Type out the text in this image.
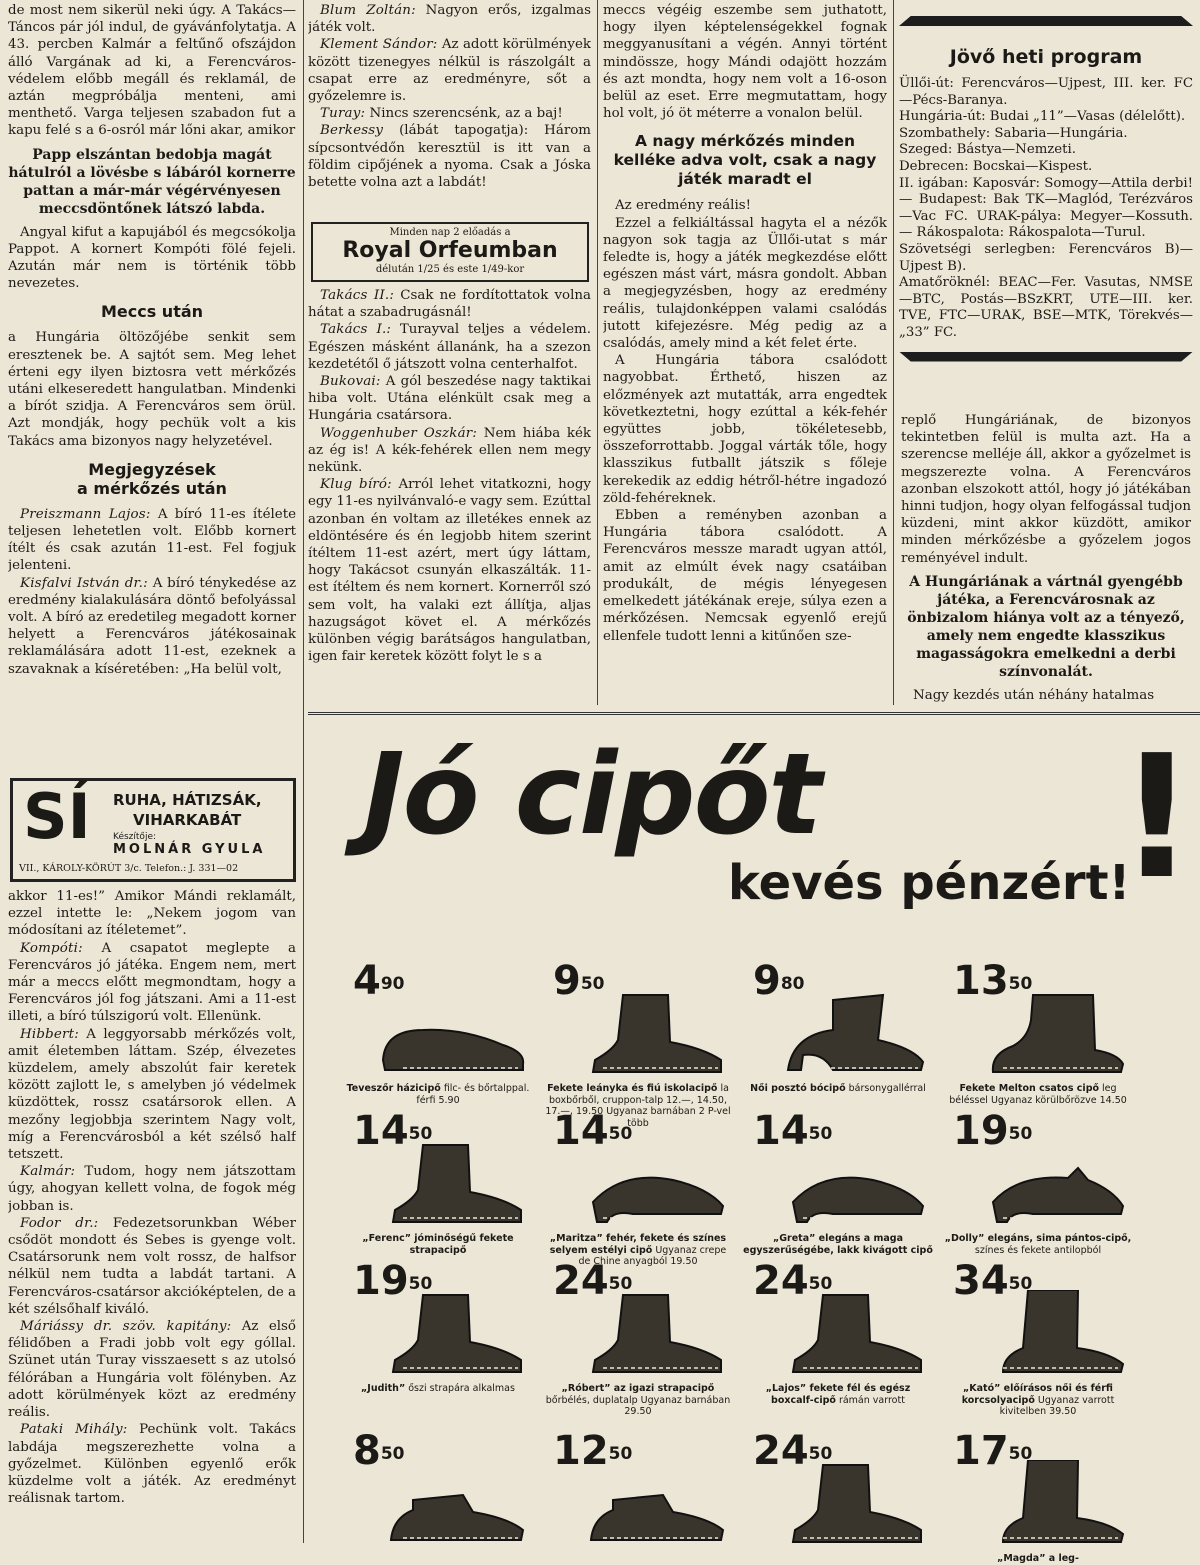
de most nem sikerül neki úgy. A Takács—Táncos pár jól indul, de gyávánfolytatja. A 43. percben Kalmár a feltűnő ofszájdon álló Vargának ad ki, a Ferencváros-védelem előbb megáll és reklamál, de aztán megpróbálja menteni, ami menthető. Varga teljesen szabadon fut a kapu felé s a 6-osról már lőni akar, amikor

Papp elszántan bedobja magát hátulról a lövésbe s lábáról kornerre pattan a már-már végérvényesen meccsdöntőnek látszó labda.

Angyal kifut a kapujából és megcsókolja Pappot. A kornert Kompóti fölé fejeli. Azután már nem is történik több nevezetes.

Meccs után

a Hungária öltözőjébe senkit sem eresztenek be. A sajtót sem. Meg lehet érteni egy ilyen biztosra vett mérkőzés utáni elkeseredett hangulatban. Mindenki a bírót szidja. A Ferencváros sem örül. Azt mondják, hogy pechük volt a kis Takács ama bizonyos nagy helyzetével.

Megjegyzések

a mérkőzés után

Preiszmann Lajos: A bíró 11-es ítélete teljesen lehetetlen volt. Előbb kornert ítélt és csak azután 11-est. Fel fogjuk jelenteni.

Kisfalvi István dr.: A bíró ténykedése az eredmény kialakulására döntő befolyással volt. A bíró az eredetileg megadott korner helyett a Ferencváros játékosainak reklamálására adott 11-est, ezeknek a szavaknak a kíséretében: „Ha belül volt,

SÍ RUHA, HÁTIZSÁK,
VIHARKABÁT
Készítője:
MOLNÁR GYULA
VII., KÁROLY-KÖRÚT 3/c. Telefon.: J. 331—02

akkor 11-es!” Amikor Mándi reklamált, ezzel intette le: „Nekem jogom van módosítani az ítéletemet”.

Kompóti: A csapatot meglepte a Ferencváros jó játéka. Engem nem, mert már a meccs előtt megmondtam, hogy a Ferencváros jól fog játszani. Ami a 11-est illeti, a bíró túlszigorú volt. Ellenünk.

Hibbert: A leggyorsabb mérkőzés volt, amit életemben láttam. Szép, élvezetes küzdelem, amely abszolút fair keretek között zajlott le, s amelyben jó védelmek küzdöttek, rossz csatársorok ellen. A mezőny legjobbja szerintem Nagy volt, míg a Ferencvárosból a két szélső half tetszett.

Kalmár: Tudom, hogy nem játszottam úgy, ahogyan kellett volna, de fogok még jobban is.

Fodor dr.: Fedezetsorunkban Wéber csődöt mondott és Sebes is gyenge volt. Csatársorunk nem volt rossz, de halfsor nélkül nem tudta a labdát tartani. A Ferencváros-csatársor akcióképtelen, de a két szélsőhalf kiváló.

Máriássy dr. szöv. kapitány: Az első félidőben a Fradi jobb volt egy góllal. Szünet után Turay visszaesett s az utolsó félórában a Hungária volt fölényben. Az adott körülmények közt az eredmény reális.

Pataki Mihály: Pechünk volt. Takács labdája megszerezhette volna a győzelmet. Különben egyenlő erők küzdelme volt a játék. Az eredményt reálisnak tartom.

Blum Zoltán: Nagyon erős, izgalmas játék volt.

Klement Sándor: Az adott körülmények között tizenegyes nélkül is rászolgált a csapat erre az eredményre, sőt a győzelemre is.

Turay: Nincs szerencsénk, az a baj!

Berkessy (lábát tapogatja): Három sípcsontvédőn keresztül is itt van a földim cipőjének a nyoma. Csak a Jóska betette volna azt a labdát!

Minden nap 2 előadás a
Royal Orfeumban
délután 1/25 és este 1/49-kor

Takács II.: Csak ne fordítottatok volna hátat a szabadrugásnál!

Takács I.: Turayval teljes a védelem. Egészen másként állanánk, ha a szezon kezdetétől ő játszott volna centerhalfot.

Bukovai: A gól beszedése nagy taktikai hiba volt. Utána elénkült csak meg a Hungária csatársora.

Woggenhuber Oszkár: Nem hiába kék az ég is! A kék-fehérek ellen nem megy nekünk.

Klug bíró: Arról lehet vitatkozni, hogy egy 11-es nyilvánvaló-e vagy sem. Ezúttal azonban én voltam az illetékes ennek az eldöntésére és én legjobb hitem szerint ítéltem 11-est azért, mert úgy láttam, hogy Takácsot csunyán elkaszálták. 11-est ítéltem és nem kornert. Kornerről szó sem volt, ha valaki ezt állítja, aljas hazugságot követ el. A mérkőzés különben végig barátságos hangulatban, igen fair keretek között folyt le s a

meccs végéig eszembe sem juthatott, hogy ilyen képtelenségekkel fognak meggyanusítani a végén. Annyi történt mindössze, hogy Mándi odajött hozzám és azt mondta, hogy nem volt a 16-oson belül az eset. Erre megmutattam, hogy hol volt, jó öt méterre a vonalon belül.

A nagy mérkőzés minden kelléke adva volt, csak a nagy játék maradt el

Az eredmény reális!

Ezzel a felkiáltással hagyta el a nézők nagyon sok tagja az Üllői-utat s már feledte is, hogy a játék megkezdése előtt egészen mást várt, másra gondolt. Abban a megjegyzésben, hogy az eredmény reális, tulajdonképpen valami csalódás jutott kifejezésre. Még pedig az a csalódás, amely mind a két felet érte.

A Hungária tábora csalódott nagyobbat. Érthető, hiszen az előzmények azt mutatták, arra engedtek következtetni, hogy ezúttal a kék-fehér együttes jobb, tökéletesebb, összeforrottabb. Joggal várták tőle, hogy klasszikus futballt játszik s főleje kerekedik az eddig hétről-hétre ingadozó zöld-fehéreknek.

Ebben a reményben azonban a Hungária tábora csalódott. A Ferencváros messze maradt ugyan attól, amit az elmúlt évek nagy csatáiban produkált, de mégis lényegesen emelkedett játékának ereje, súlya ezen a mérkőzésen. Nemcsak egyenlő erejű ellenfele tudott lenni a kitűnően sze-

Jövő heti program
Üllői-út: Ferencváros—Ujpest, III. ker. FC—Pécs-Baranya.
Hungária-út: Budai „11”—Vasas (délelőtt).
Szombathely: Sabaria—Hungária.
Szeged: Bástya—Nemzeti.
Debrecen: Bocskai—Kispest.
II. igában: Kaposvár: Somogy—Attila derbi! — Budapest: Bak TK—Maglód, Terézváros—Vac FC. URAK-pálya: Megyer—Kossuth. — Rákospalota: Rákospalota—Turul.
Szövetségi serlegben: Ferencváros B)—Ujpest B).
Amatőröknél: BEAC—Fer. Vasutas, NMSE—BTC, Postás—BSzKRT, UTE—III. ker. TVE, FTC—URAK, BSE—MTK, Törekvés—„33” FC.

replő Hungáriának, de bizonyos tekintetben felül is multa azt. Ha a szerencse melléje áll, akkor a győzelmet is megszerezte volna. A Ferencváros azonban elszokott attól, hogy jó játékában hinni tudjon, hogy olyan felfogással tudjon küzdeni, mint akkor küzdött, amikor minden mérkőzésbe a győzelem jogos reményével indult.

A Hungáriának a vártnál gyengébb játéka, a Ferencvárosnak az önbizalom hiánya volt az a tényező, amely nem engedte klasszikus magasságokra emelkedni a derbi színvonalát.

Nagy kezdés után néhány hatalmas

Jó cipőt
kevés pénzért!
!
$4^{90}$
Teveszőr házicipő filc- és bőrtalppal. férfi 5.90
$9^{50}$
Fekete leányka és fiú iskolacipő la boxbőrből, cruppon-talp 12.—, 14.50, 17.—, 19.50 Ugyanaz barnában 2 P-vel több
$9^{80}$
Női posztó bócipő bársonygallérral
$13^{50}$
Fekete Melton csatos cipő leg béléssel Ugyanaz körülbőrözve 14.50
$14^{50}$
„Ferenc” jóminőségű fekete strapacipő
$14^{50}$
„Maritza” fehér, fekete és színes selyem estélyi cipő Ugyanaz crepe de Chine anyagból 19.50
$14^{50}$
„Greta” elegáns a maga egyszerűségébe, lakk kivágott cipő
$19^{50}$
„Dolly” elegáns, sima pántos-cipő, színes és fekete antilopból
$19^{50}$
„Judith” őszi strapára alkalmas
$24^{50}$
„Róbert” az igazi strapacipő bőrbélés, duplatalp Ugyanaz barnában 29.50
$24^{50}$
„Lajos” fekete fél és egész boxcalf-cipő rámán varrott
$34^{50}$
„Kató” előírásos női és férfi korcsolyacipő Ugyanaz varrott kivitelben 39.50
$8^{50}$	$12^{50}$	$24^{50}$	$17^{50}$
„Magda” a leg-
